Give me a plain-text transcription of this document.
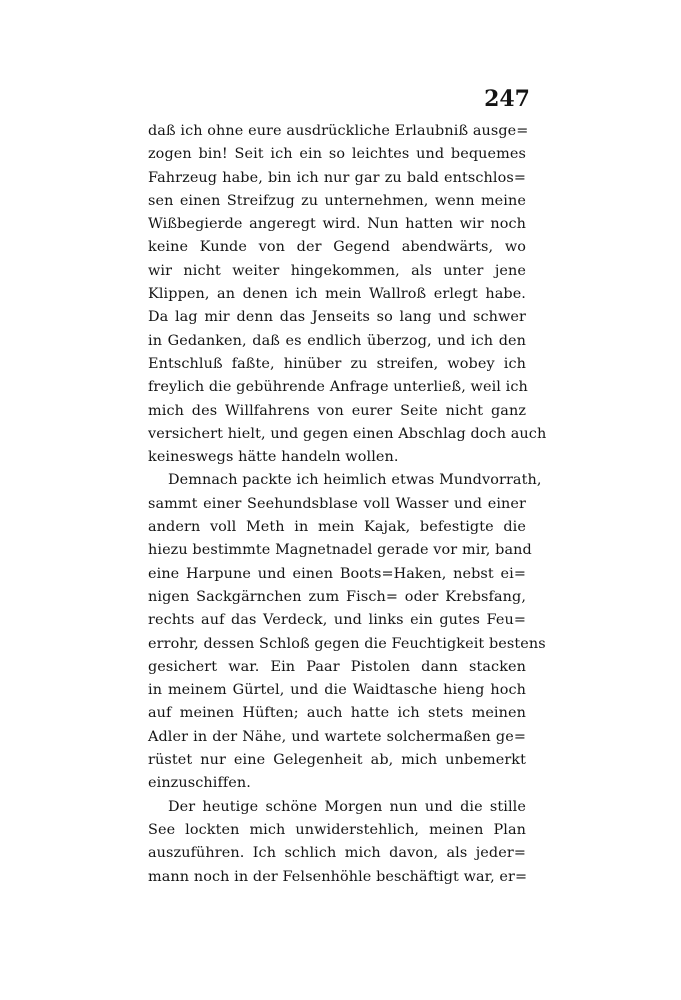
247
daß ich ohne eure ausdrückliche Erlaubniß ausge=
zogen bin! Seit ich ein so leichtes und bequemes
Fahrzeug habe, bin ich nur gar zu bald entschlos=
sen einen Streifzug zu unternehmen, wenn meine
Wißbegierde angeregt wird. Nun hatten wir noch
keine Kunde von der Gegend abendwärts, wo
wir nicht weiter hingekommen, als unter jene
Klippen, an denen ich mein Wallroß erlegt habe.
Da lag mir denn das Jenseits so lang und schwer
in Gedanken, daß es endlich überzog, und ich den
Entschluß faßte, hinüber zu streifen, wobey ich
freylich die gebührende Anfrage unterließ, weil ich
mich des Willfahrens von eurer Seite nicht ganz
versichert hielt, und gegen einen Abschlag doch auch
keineswegs hätte handeln wollen.
Demnach packte ich heimlich etwas Mundvorrath,
sammt einer Seehundsblase voll Wasser und einer
andern voll Meth in mein Kajak, befestigte die
hiezu bestimmte Magnetnadel gerade vor mir, band
eine Harpune und einen Boots=Haken, nebst ei=
nigen Sackgärnchen zum Fisch= oder Krebsfang,
rechts auf das Verdeck, und links ein gutes Feu=
errohr, dessen Schloß gegen die Feuchtigkeit bestens
gesichert war. Ein Paar Pistolen dann stacken
in meinem Gürtel, und die Waidtasche hieng hoch
auf meinen Hüften; auch hatte ich stets meinen
Adler in der Nähe, und wartete solchermaßen ge=
rüstet nur eine Gelegenheit ab, mich unbemerkt
einzuschiffen.
Der heutige schöne Morgen nun und die stille
See lockten mich unwiderstehlich, meinen Plan
auszuführen. Ich schlich mich davon, als jeder=
mann noch in der Felsenhöhle beschäftigt war, er=
